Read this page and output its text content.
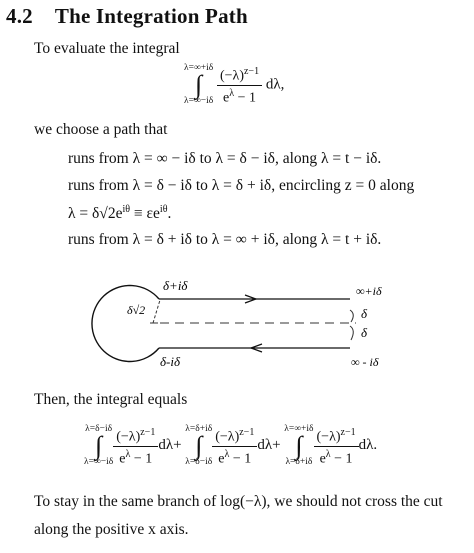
4.2 The Integration Path
To evaluate the integral
λ=∞+iδ
∫
λ=∞−iδ
$\frac{(-\lambda)^{z-1}}{e^\lambda - 1} d\lambda$,
we choose a path that
runs from λ = ∞ − iδ to λ = δ − iδ, along λ = t − iδ.
runs from λ = δ − iδ to λ = δ + iδ, encircling z = 0 along
$\lambda = \delta√2e^{i\theta} \equiv \varepsilon e^{i\theta}$.
runs from λ = δ + iδ to λ = ∞ + iδ, along λ = t + iδ.
δ+iδ	∞+iδ
δ
δ
δ-iδ	∞ - iδ
δ√2
Then, the integral equals
λ=δ−iδ
∫
$\lambda=\infty-i\delta \frac{(-\lambda)^{z-1}}{e^\lambda - 1} d\lambda+$
λ=δ+iδ
∫
$\lambda=\delta-i\delta \frac{(-\lambda)^{z-1}}{e^\lambda - 1} d\lambda+$
λ=∞+iδ
∫
$\lambda=\delta+i\delta \frac{(-\lambda)^{z-1}}{e^\lambda - 1} d\lambda$.
To stay in the same branch of log(−λ), we should not cross the cut
along the positive x axis.
